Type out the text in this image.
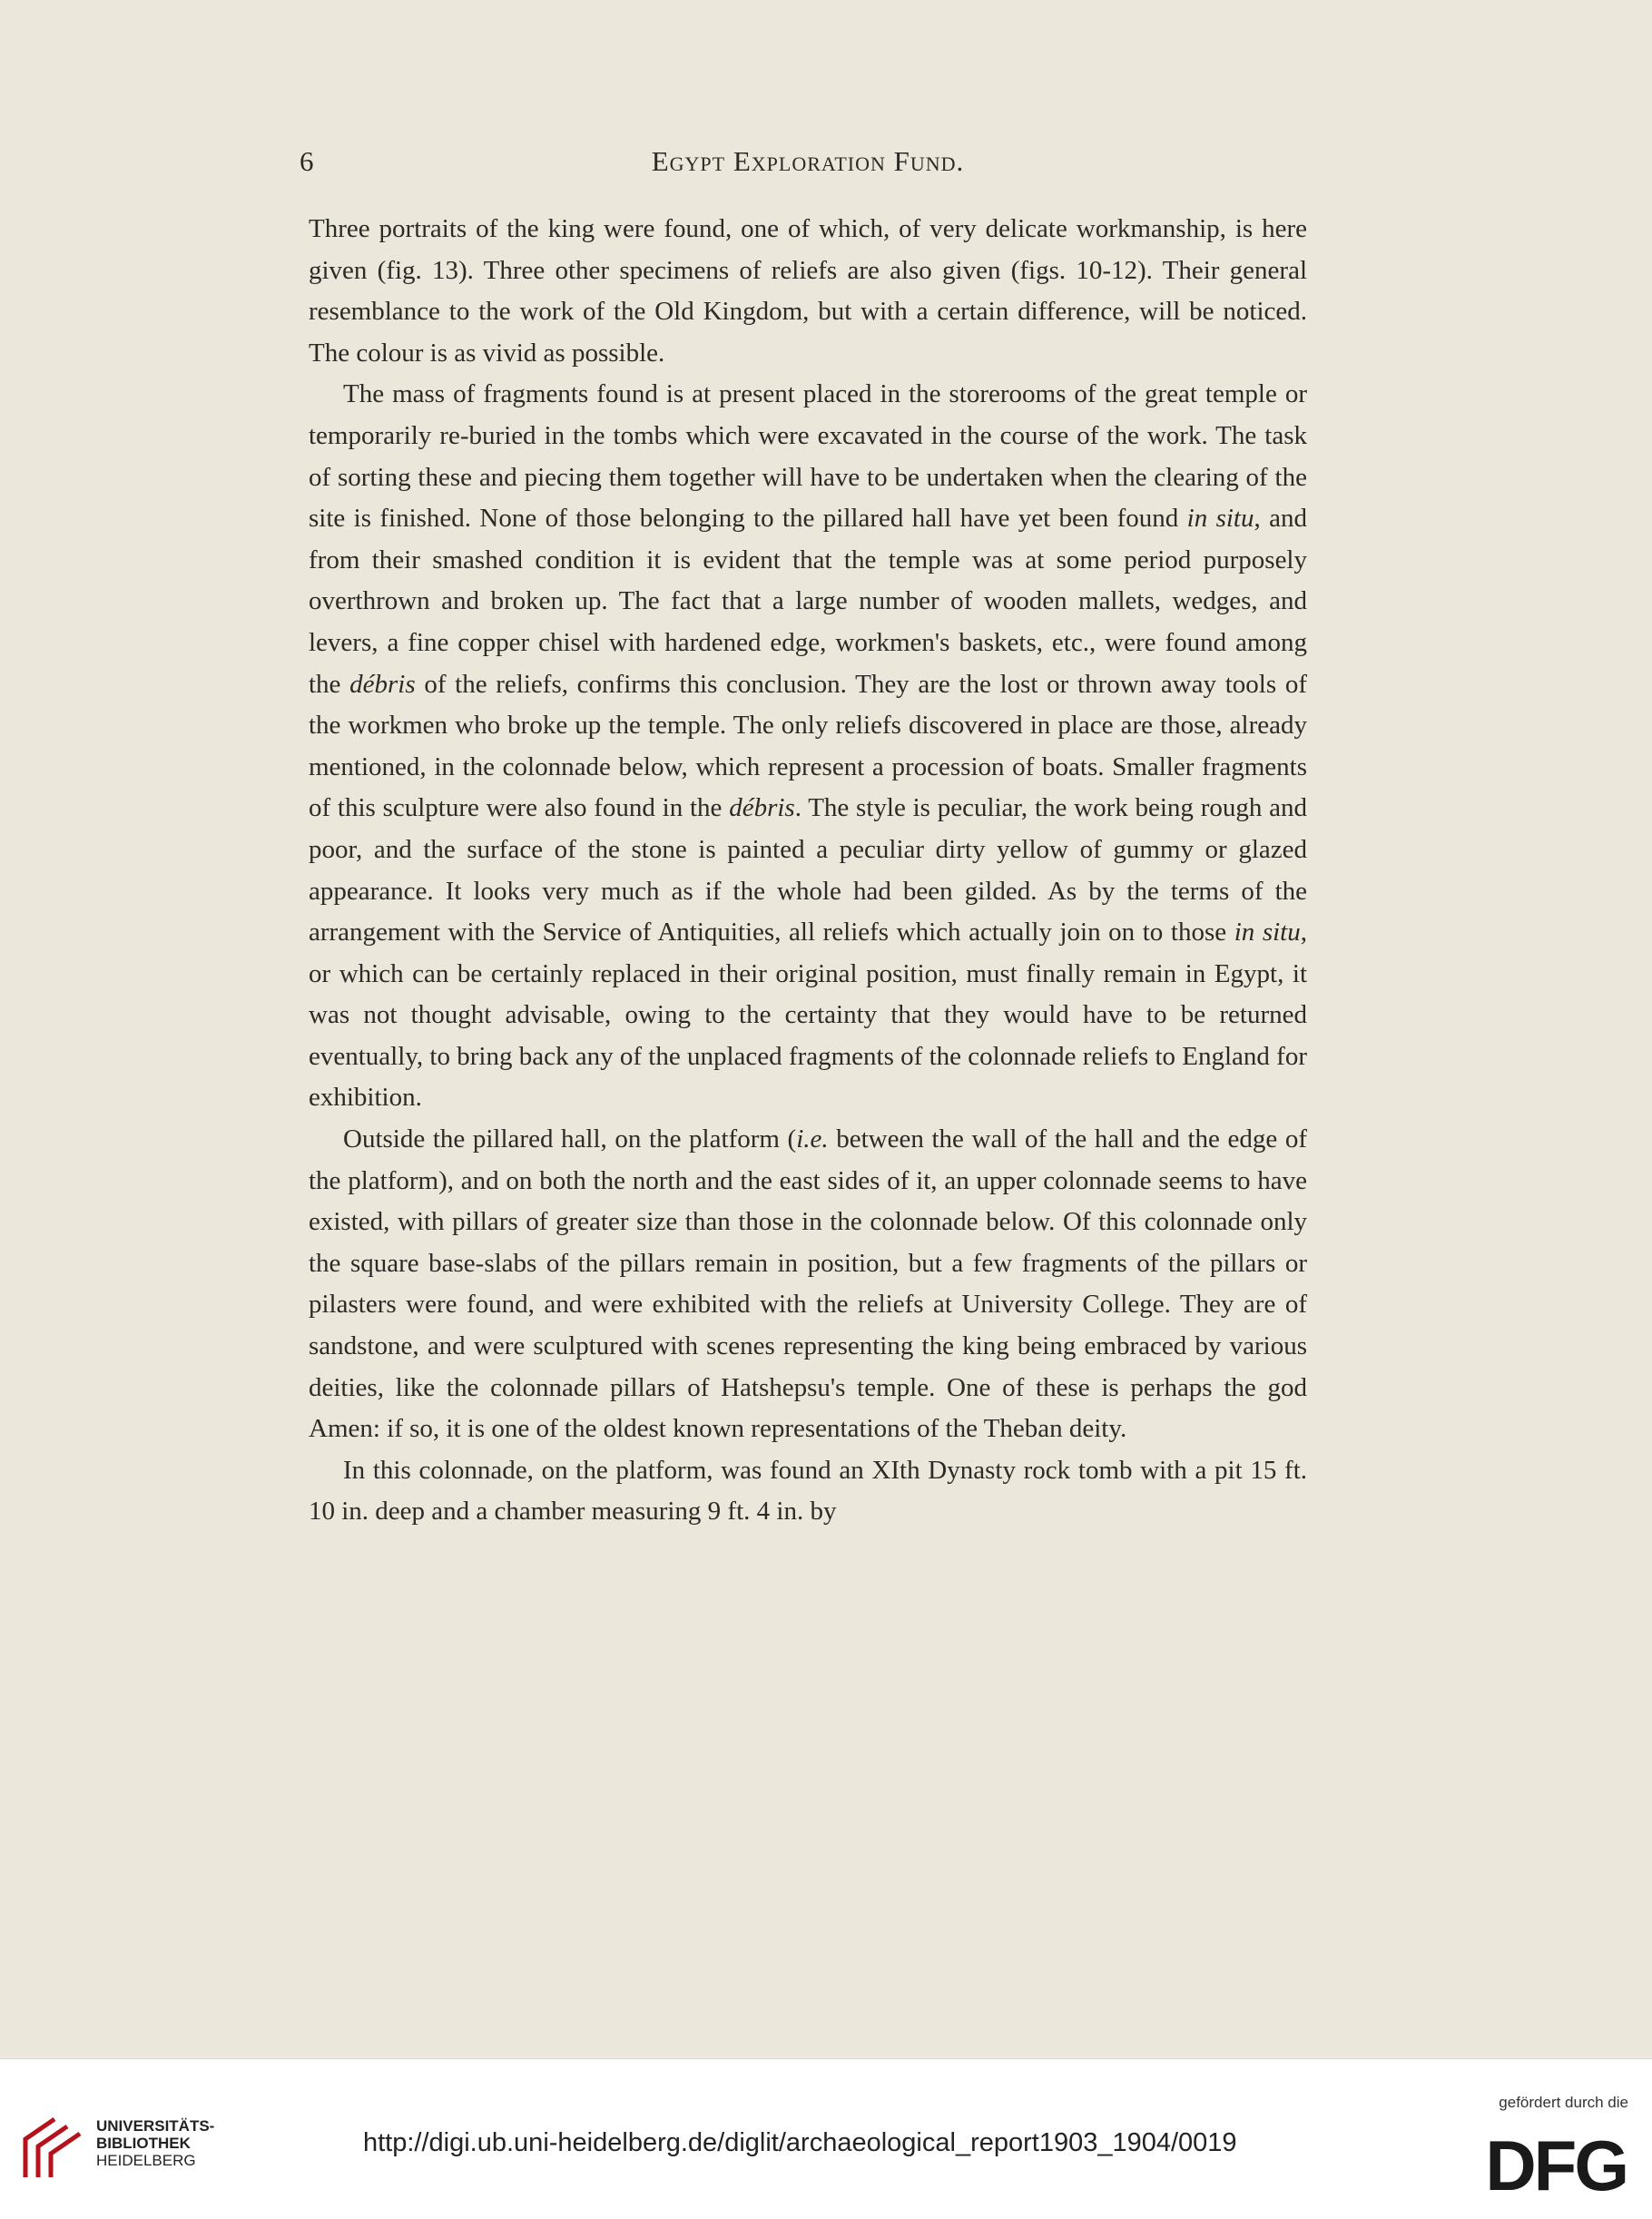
6	Egypt Exploration Fund.

Three portraits of the king were found, one of which, of very delicate workmanship, is here given (fig. 13). Three other specimens of reliefs are also given (figs. 10-12). Their general resemblance to the work of the Old Kingdom, but with a certain difference, will be noticed. The colour is as vivid as possible.

The mass of fragments found is at present placed in the storerooms of the great temple or temporarily re-buried in the tombs which were excavated in the course of the work. The task of sorting these and piecing them together will have to be undertaken when the clearing of the site is finished. None of those belonging to the pillared hall have yet been found in situ, and from their smashed condition it is evident that the temple was at some period purposely overthrown and broken up. The fact that a large number of wooden mallets, wedges, and levers, a fine copper chisel with hardened edge, workmen's baskets, etc., were found among the débris of the reliefs, confirms this conclusion. They are the lost or thrown away tools of the workmen who broke up the temple. The only reliefs discovered in place are those, already mentioned, in the colonnade below, which represent a procession of boats. Smaller fragments of this sculpture were also found in the débris. The style is peculiar, the work being rough and poor, and the surface of the stone is painted a peculiar dirty yellow of gummy or glazed appearance. It looks very much as if the whole had been gilded. As by the terms of the arrangement with the Service of Antiquities, all reliefs which actually join on to those in situ, or which can be certainly replaced in their original position, must finally remain in Egypt, it was not thought advisable, owing to the certainty that they would have to be returned eventually, to bring back any of the unplaced fragments of the colonnade reliefs to England for exhibition.

Outside the pillared hall, on the platform (i.e. between the wall of the hall and the edge of the platform), and on both the north and the east sides of it, an upper colonnade seems to have existed, with pillars of greater size than those in the colonnade below. Of this colonnade only the square base-slabs of the pillars remain in position, but a few fragments of the pillars or pilasters were found, and were exhibited with the reliefs at University College. They are of sandstone, and were sculptured with scenes representing the king being embraced by various deities, like the colonnade pillars of Hatshepsu's temple. One of these is perhaps the god Amen: if so, it is one of the oldest known representations of the Theban deity.

In this colonnade, on the platform, was found an XIth Dynasty rock tomb with a pit 15 ft. 10 in. deep and a chamber measuring 9 ft. 4 in. by

UNIVERSITÄTS-
BIBLIOTHEK
HEIDELBERG
http://digi.ub.uni-heidelberg.de/diglit/archaeological_report1903_1904/0019
gefördert durch die
DFG
